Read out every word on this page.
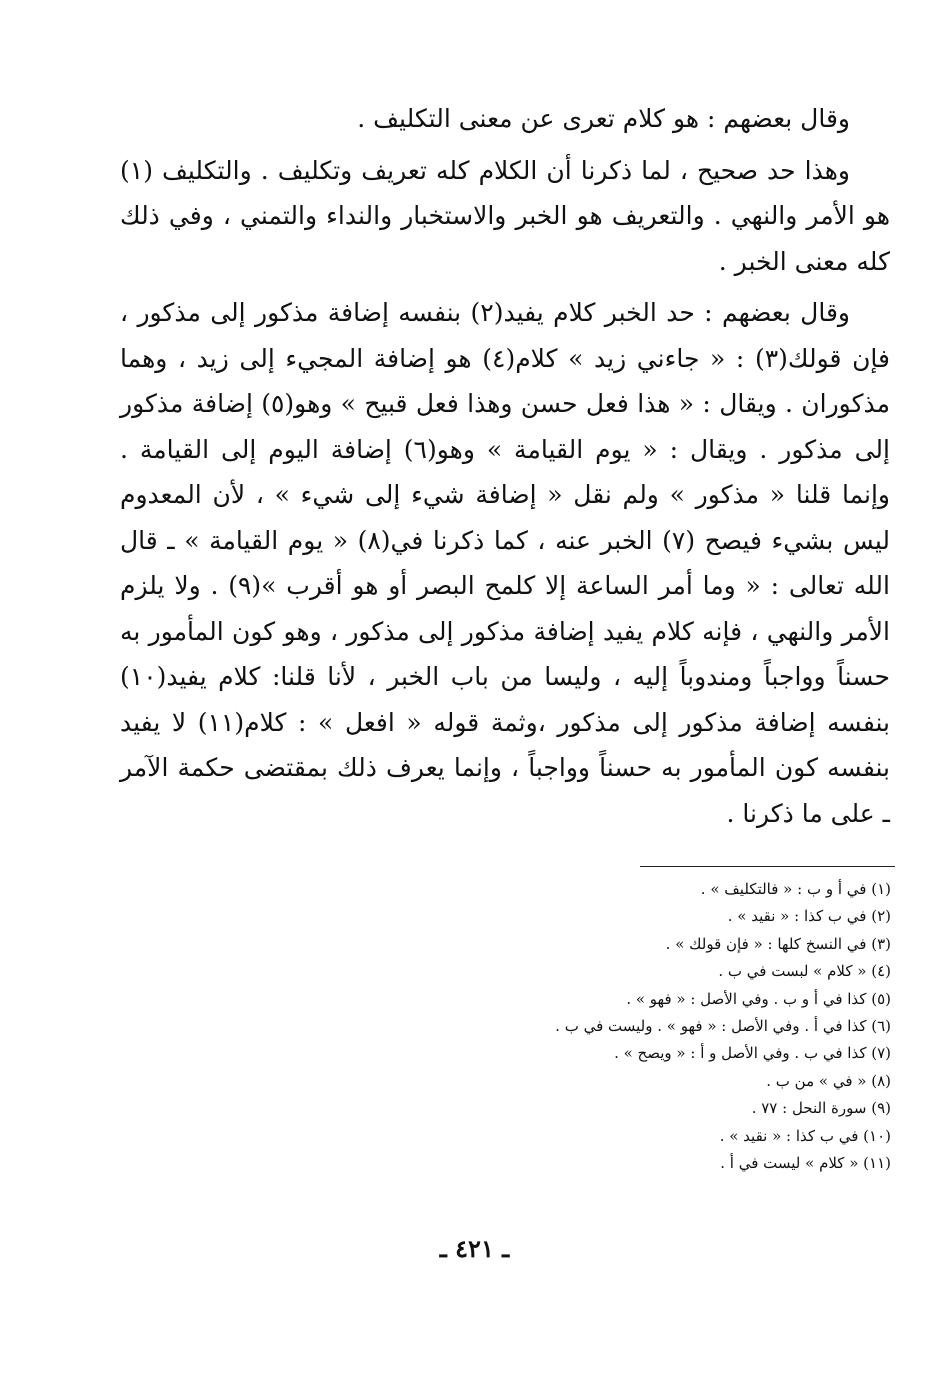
وقال بعضهم : هو كلام تعرى عن معنى التكليف .

وهذا حد صحيح ، لما ذكرنا أن الكلام كله تعريف وتكليف . والتكليف (١) هو الأمر والنهي . والتعريف هو الخبر والاستخبار والنداء والتمني ، وفي ذلك كله معنى الخبر .

وقال بعضهم : حد الخبر كلام يفيد(٢) بنفسه إضافة مذكور إلى مذكور ، فإن قولك(٣) : « جاءني زيد » كلام(٤) هو إضافة المجيء إلى زيد ، وهما مذكوران . ويقال : « هذا فعل حسن وهذا فعل قبيح » وهو(٥) إضافة مذكور إلى مذكور . ويقال : « يوم القيامة » وهو(٦) إضافة اليوم إلى القيامة . وإنما قلنا « مذكور » ولم نقل « إضافة شيء إلى شيء » ، لأن المعدوم ليس بشيء فيصح (٧) الخبر عنه ، كما ذكرنا في(٨) « يوم القيامة » ـ قال الله تعالى : « وما أمر الساعة إلا كلمح البصر أو هو أقرب »(٩) . ولا يلزم الأمر والنهي ، فإنه كلام يفيد إضافة مذكور إلى مذكور ، وهو كون المأمور به حسناً وواجباً ومندوباً إليه ، وليسا من باب الخبر ، لأنا قلنا: كلام يفيد(١٠) بنفسه إضافة مذكور إلى مذكور ،وثمة قوله « افعل » : كلام(١١) لا يفيد بنفسه كون المأمور به حسناً وواجباً ، وإنما يعرف ذلك بمقتضى حكمة الآمر ـ على ما ذكرنا .

(١) في أ و ب : « فالتكليف » .
(٢) في ب كذا : « نقيد » .
(٣) في النسخ كلها : « فإن قولك » .
(٤) « كلام » لبست في ب .
(٥) كذا في أ و ب . وفي الأصل : « فهو » .
(٦) كذا في أ . وفي الأصل : « فهو » . وليست في ب .
(٧) كذا في ب . وفي الأصل و أ : « ويصح » .
(٨) « في » من ب .
(٩) سورة النحل : ٧٧ .
(١٠) في ب كذا : « نقيد » .
(١١) « كلام » ليست في أ .
ـ ٤٢١ ـ
